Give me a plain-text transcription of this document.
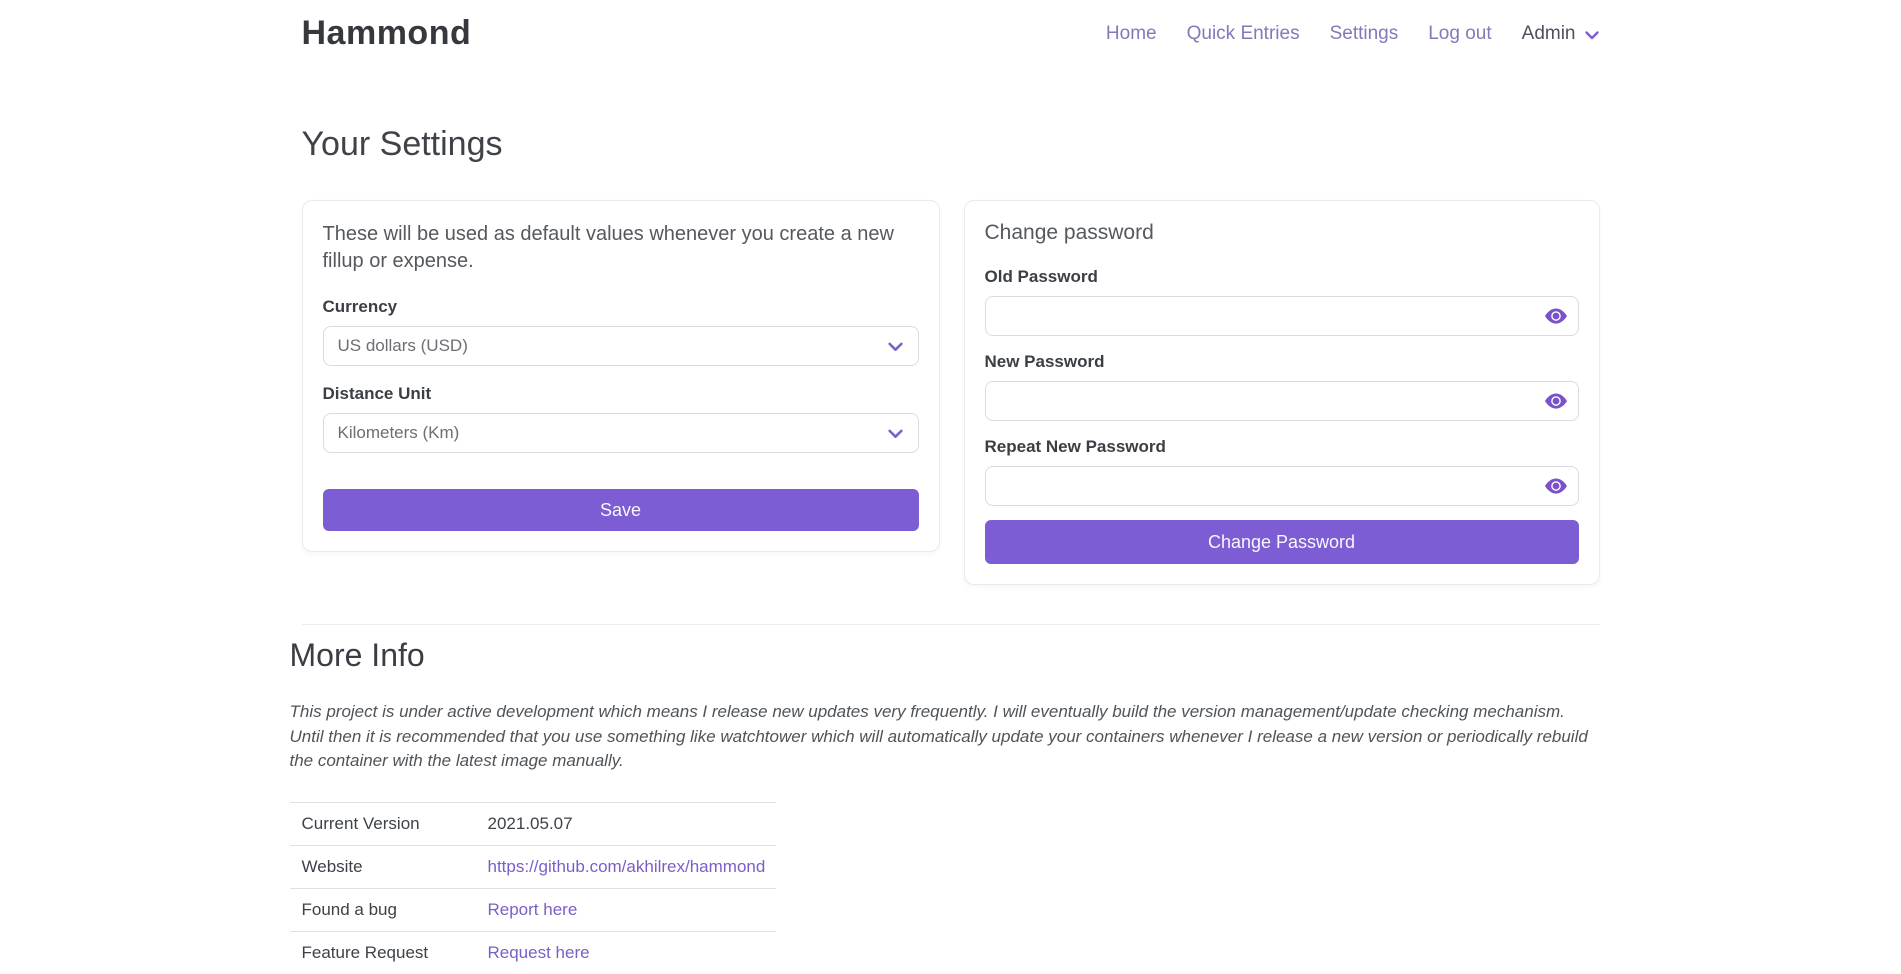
Hammond	Home Quick Entries Settings Log out Admin
Your Settings

These will be used as default values whenever you create a new fillup or expense.

Currency
US dollars (USD)
Distance Unit
Kilometers (Km)
Save
Change password
Old Password
New Password
Repeat New Password
Change Password
More Info

This project is under active development which means I release new updates very frequently. I will eventually build the version management/update checking mechanism. Until then it is recommended that you use something like watchtower which will automatically update your containers whenever I release a new version or periodically rebuild the container with the latest image manually.

Current Version	2021.05.07
Website	https://github.com/akhilrex/hammond
Found a bug	Report here
Feature Request	Request here
